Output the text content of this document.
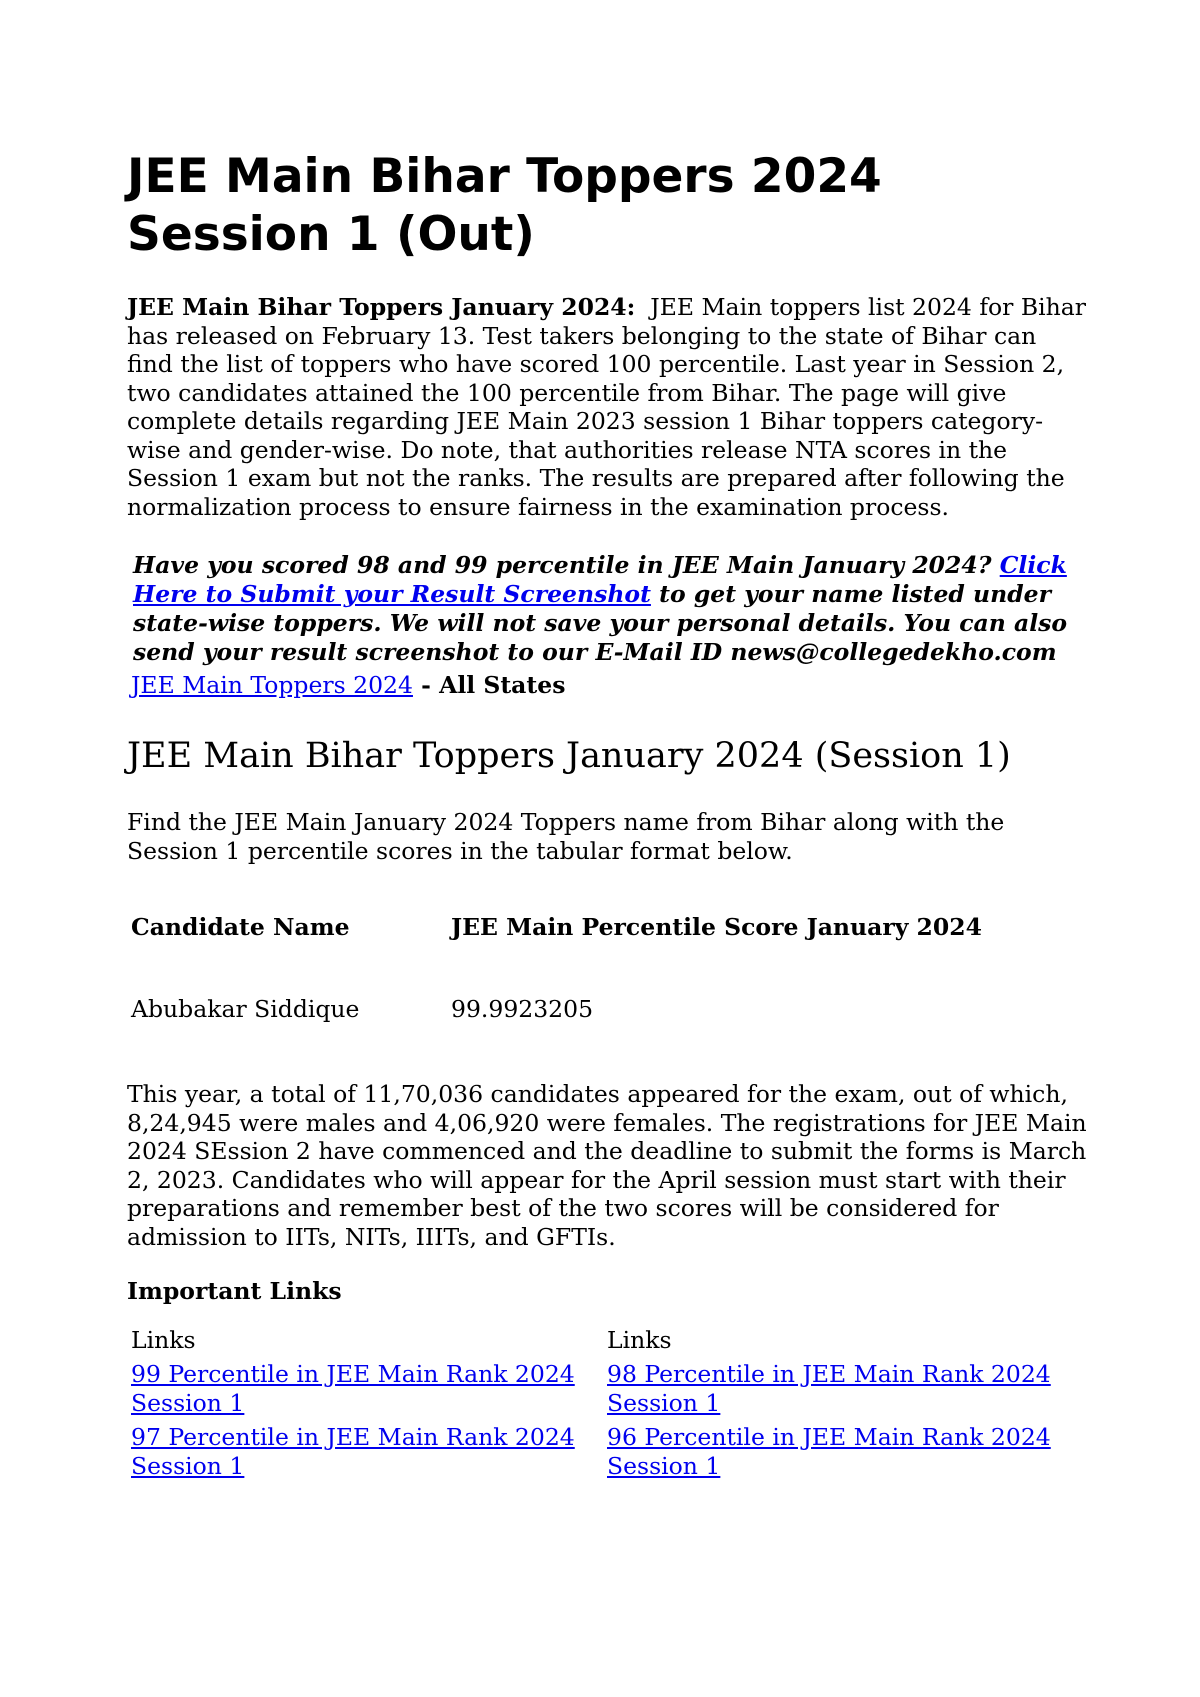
JEE Main Bihar Toppers 2024 Session 1 (Out)

JEE Main Bihar Toppers January 2024: JEE Main toppers list 2024 for Bihar has released on February 13. Test takers belonging to the state of Bihar can find the list of toppers who have scored 100 percentile. Last year in Session 2, two candidates attained the 100 percentile from Bihar. The page will give complete details regarding JEE Main 2023 session 1 Bihar toppers category-wise and gender-wise. Do note, that authorities release NTA scores in the Session 1 exam but not the ranks. The results are prepared after following the normalization process to ensure fairness in the examination process.

Have you scored 98 and 99 percentile in JEE Main January 2024? Click Here to Submit your Result Screenshot to get your name listed under state-wise toppers. We will not save your personal details. You can also send your result screenshot to our E-Mail ID news@collegedekho.com

JEE Main Toppers 2024 - All States

JEE Main Bihar Toppers January 2024 (Session 1)

Find the JEE Main January 2024 Toppers name from Bihar along with the Session 1 percentile scores in the tabular format below.

Candidate Name	JEE Main Percentile Score January 2024
Abubakar Siddique	99.9923205

This year, a total of 11,70,036 candidates appeared for the exam, out of which, 8,24,945 were males and 4,06,920 were females. The registrations for JEE Main 2024 SEssion 2 have commenced and the deadline to submit the forms is March 2, 2023. Candidates who will appear for the April session must start with their preparations and remember best of the two scores will be considered for admission to IITs, NITs, IIITs, and GFTIs.

Important Links

Links	Links
99 Percentile in JEE Main Rank 2024 Session 1	98 Percentile in JEE Main Rank 2024 Session 1
97 Percentile in JEE Main Rank 2024 Session 1	96 Percentile in JEE Main Rank 2024 Session 1
